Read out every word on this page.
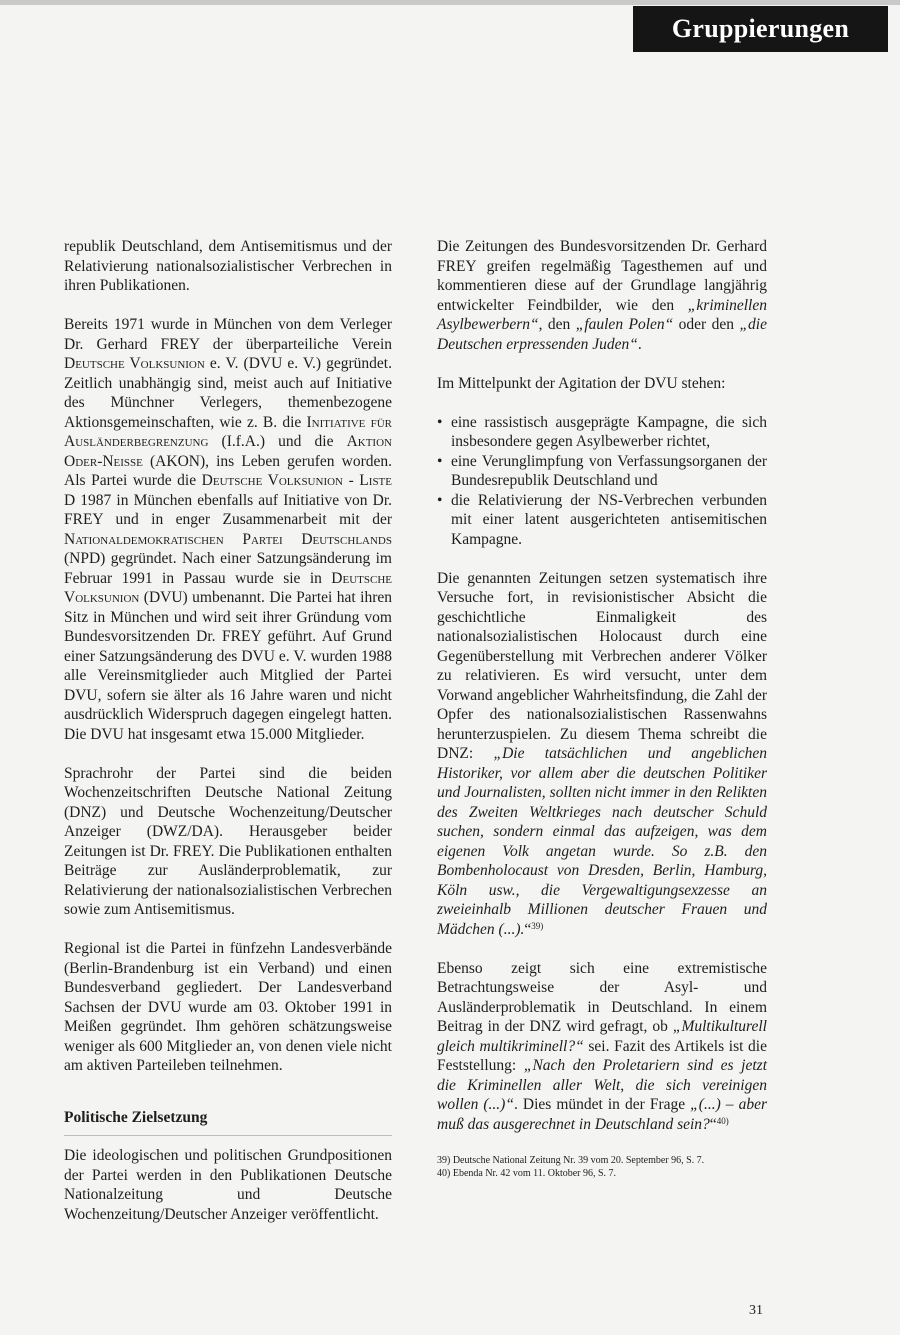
Gruppierungen

republik Deutschland, dem Antisemitismus und der Relativierung nationalsozialistischer Verbrechen in ihren Publikationen.

Bereits 1971 wurde in München von dem Verleger Dr. Gerhard FREY der überparteiliche Verein Deutsche Volksunion e. V. (DVU e. V.) gegründet. Zeitlich unabhängig sind, meist auch auf Initiative des Münchner Verlegers, themenbezogene Aktionsgemeinschaften, wie z. B. die Initiative für Ausländerbegrenzung (I.f.A.) und die Aktion Oder-Neiße (AKON), ins Leben gerufen worden. Als Partei wurde die Deutsche Volksunion - Liste D 1987 in München ebenfalls auf Initiative von Dr. FREY und in enger Zusammenarbeit mit der Nationaldemokratischen Partei Deutschlands (NPD) gegründet. Nach einer Satzungsänderung im Februar 1991 in Passau wurde sie in Deutsche Volksunion (DVU) umbenannt. Die Partei hat ihren Sitz in München und wird seit ihrer Gründung vom Bundesvorsitzenden Dr. FREY geführt. Auf Grund einer Satzungsänderung des DVU e. V. wurden 1988 alle Vereinsmitglieder auch Mitglied der Partei DVU, sofern sie älter als 16 Jahre waren und nicht ausdrücklich Widerspruch dagegen eingelegt hatten. Die DVU hat insgesamt etwa 15.000 Mitglieder.

Sprachrohr der Partei sind die beiden Wochenzeitschriften Deutsche National Zeitung (DNZ) und Deutsche Wochenzeitung/Deutscher Anzeiger (DWZ/DA). Herausgeber beider Zeitungen ist Dr. FREY. Die Publikationen enthalten Beiträge zur Ausländerproblematik, zur Relativierung der nationalsozialistischen Verbrechen sowie zum Antisemitismus.

Regional ist die Partei in fünfzehn Landesverbände (Berlin-Brandenburg ist ein Verband) und einen Bundesverband gegliedert. Der Landesverband Sachsen der DVU wurde am 03. Oktober 1991 in Meißen gegründet. Ihm gehören schätzungsweise weniger als 600 Mitglieder an, von denen viele nicht am aktiven Parteileben teilnehmen.

Politische Zielsetzung

Die ideologischen und politischen Grundpositionen der Partei werden in den Publikationen Deutsche Nationalzeitung und Deutsche Wochenzeitung/Deutscher Anzeiger veröffentlicht.

Die Zeitungen des Bundesvorsitzenden Dr. Gerhard FREY greifen regelmäßig Tagesthemen auf und kommentieren diese auf der Grundlage langjährig entwickelter Feindbilder, wie den „kriminellen Asylbewerbern“, den „faulen Polen“ oder den „die Deutschen erpressenden Juden“.

Im Mittelpunkt der Agitation der DVU stehen:

• eine rassistisch ausgeprägte Kampagne, die sich insbesondere gegen Asylbewerber richtet,
• eine Verunglimpfung von Verfassungsorganen der Bundesrepublik Deutschland und
• die Relativierung der NS-Verbrechen verbunden mit einer latent ausgerichteten antisemitischen Kampagne.

Die genannten Zeitungen setzen systematisch ihre Versuche fort, in revisionistischer Absicht die geschichtliche Einmaligkeit des nationalsozialistischen Holocaust durch eine Gegenüberstellung mit Verbrechen anderer Völker zu relativieren. Es wird versucht, unter dem Vorwand angeblicher Wahrheitsfindung, die Zahl der Opfer des nationalsozialistischen Rassenwahns herunterzuspielen. Zu diesem Thema schreibt die DNZ: „Die tatsächlichen und angeblichen Historiker, vor allem aber die deutschen Politiker und Journalisten, sollten nicht immer in den Relikten des Zweiten Weltkrieges nach deutscher Schuld suchen, sondern einmal das aufzeigen, was dem eigenen Volk angetan wurde. So z.B. den Bombenholocaust von Dresden, Berlin, Hamburg, Köln usw., die Vergewaltigungsexzesse an zweieinhalb Millionen deutscher Frauen und Mädchen (...).“$^{39)}$

Ebenso zeigt sich eine extremistische Betrachtungsweise der Asyl- und Ausländerproblematik in Deutschland. In einem Beitrag in der DNZ wird gefragt, ob „Multikulturell gleich multikriminell?“ sei. Fazit des Artikels ist die Feststellung: „Nach den Proletariern sind es jetzt die Kriminellen aller Welt, die sich vereinigen wollen (...)“. Dies mündet in der Frage „(...) – aber muß das ausgerechnet in Deutschland sein?“$^{40)}$

39) Deutsche National Zeitung Nr. 39 vom 20. September 96, S. 7.
40) Ebenda Nr. 42 vom 11. Oktober 96, S. 7.
31
